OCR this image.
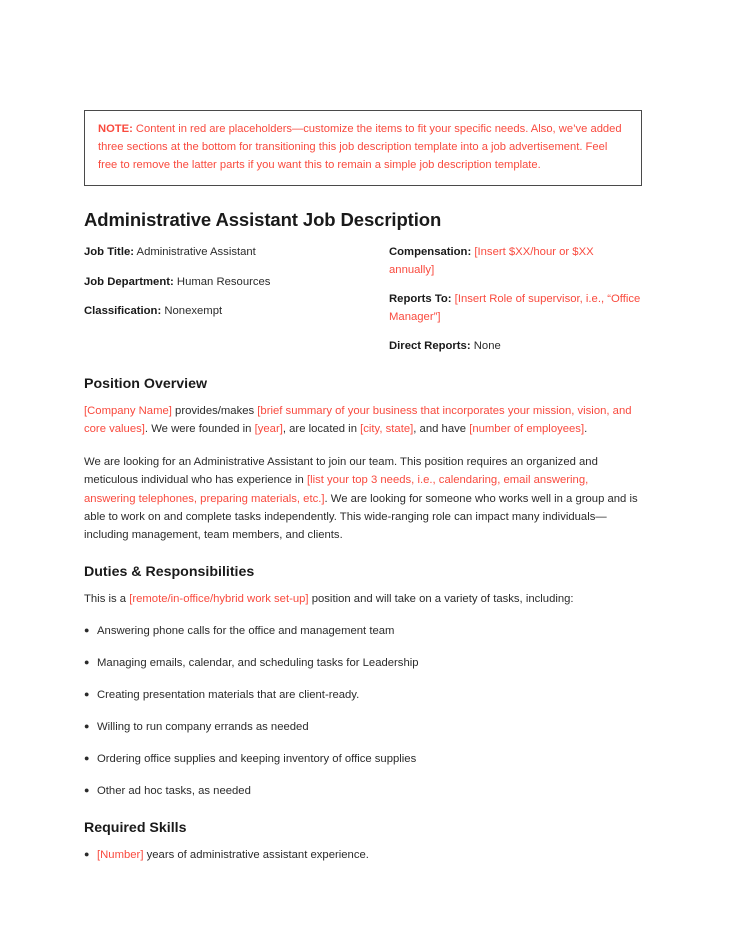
NOTE: Content in red are placeholders—customize the items to fit your specific needs. Also, we’ve added three sections at the bottom for transitioning this job description template into a job advertisement. Feel free to remove the latter parts if you want this to remain a simple job description template.

Administrative Assistant Job Description
Job Title: Administrative Assistant
Job Department: Human Resources
Classification: Nonexempt
Compensation: [Insert $XX/hour or $XX annually]
Reports To: [Insert Role of supervisor, i.e., “Office Manager”]
Direct Reports: None
Position Overview

[Company Name] provides/makes [brief summary of your business that incorporates your mission, vision, and core values]. We were founded in [year], are located in [city, state], and have [number of employees].

We are looking for an Administrative Assistant to join our team. This position requires an organized and meticulous individual who has experience in [list your top 3 needs, i.e., calendaring, email answering, answering telephones, preparing materials, etc.]. We are looking for someone who works well in a group and is able to work on and complete tasks independently. This wide-ranging role can impact many individuals—including management, team members, and clients.

Duties & Responsibilities

This is a [remote/in-office/hybrid work set-up] position and will take on a variety of tasks, including:

● Answering phone calls for the office and management team
● Managing emails, calendar, and scheduling tasks for Leadership
● Creating presentation materials that are client-ready.
● Willing to run company errands as needed
● Ordering office supplies and keeping inventory of office supplies
● Other ad hoc tasks, as needed
Required Skills
● [Number] years of administrative assistant experience.
